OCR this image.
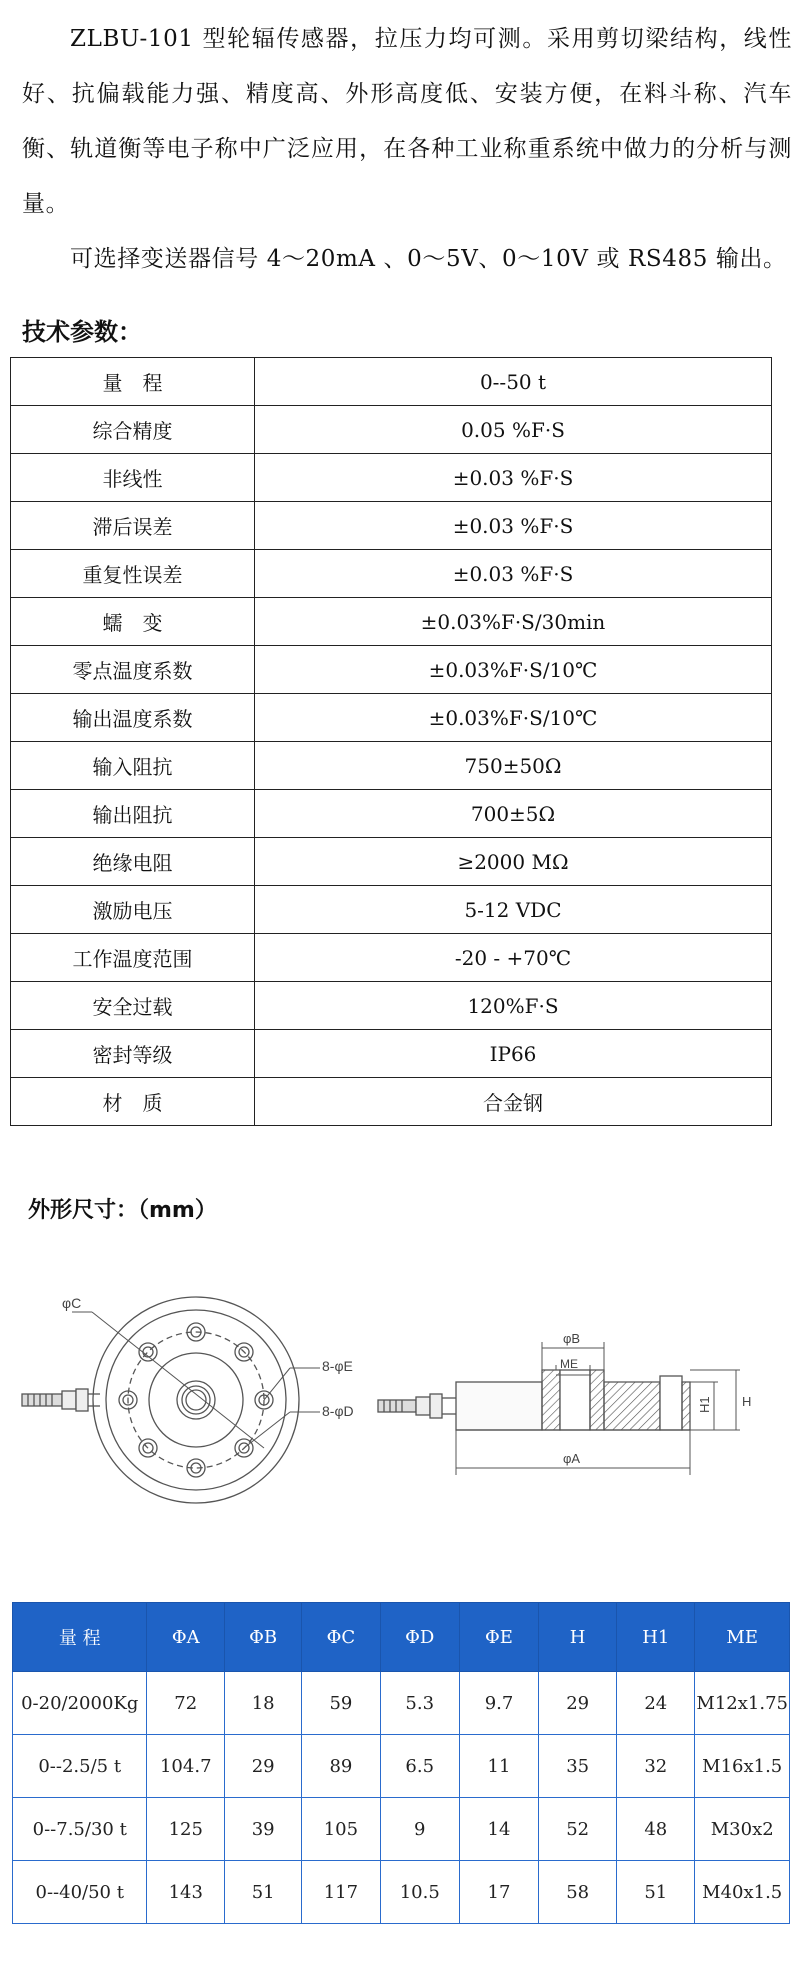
ZLBU-101 型轮辐传感器，拉压力均可测。采用剪切梁结构，线性好、抗偏载能力强、精度高、外形高度低、安装方便，在料斗称、汽车衡、轨道衡等电子称中广泛应用，在各种工业称重系统中做力的分析与测量。

可选择变送器信号 4～20mA 、0～5V、0～10V 或 RS485 输出。

技术参数：
量　程	0--50 t
综合精度	0.05 %F·S
非线性	±0.03 %F·S
滞后误差	±0.03 %F·S
重复性误差	±0.03 %F·S
蠕　变	±0.03%F·S/30min
零点温度系数	±0.03%F·S/10℃
输出温度系数	±0.03%F·S/10℃
输入阻抗	750±50Ω
输出阻抗	700±5Ω
绝缘电阻	≥2000 MΩ
激励电压	5-12 VDC
工作温度范围	-20 - +70℃
安全过载	120%F·S
密封等级	IP66
材　质	合金钢
外形尺寸：（mm）
φC
8-φE
8-φD
φB
ME
H1 H
φA
量 程	ΦA	ΦB	ΦC	ΦD	ΦE	H	H1	ME
0-20/2000Kg	72	18	59	5.3	9.7	29	24	M12x1.75
0--2.5/5 t	104.7	29	89	6.5	11	35	32	M16x1.5
0--7.5/30 t	125	39	105	9	14	52	48	M30x2
0--40/50 t	143	51	117	10.5	17	58	51	M40x1.5
